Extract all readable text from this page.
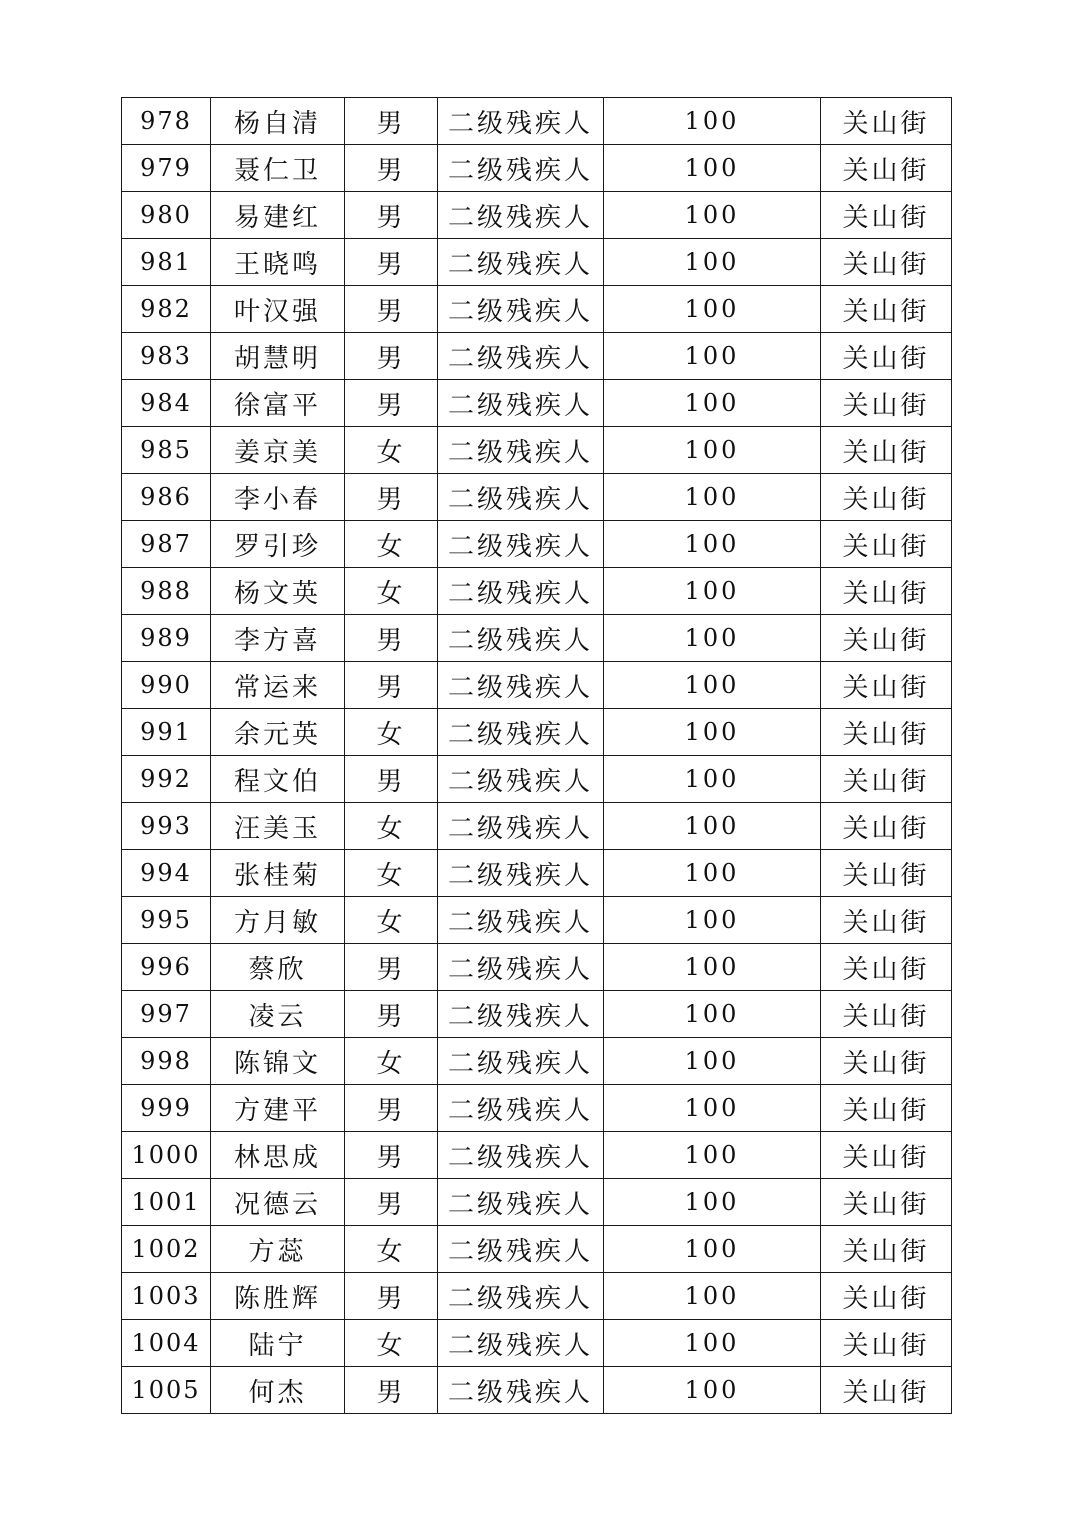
978	杨自清	男	二级残疾人	100	关山街
979	聂仁卫	男	二级残疾人	100	关山街
980	易建红	男	二级残疾人	100	关山街
981	王晓鸣	男	二级残疾人	100	关山街
982	叶汉强	男	二级残疾人	100	关山街
983	胡慧明	男	二级残疾人	100	关山街
984	徐富平	男	二级残疾人	100	关山街
985	姜京美	女	二级残疾人	100	关山街
986	李小春	男	二级残疾人	100	关山街
987	罗引珍	女	二级残疾人	100	关山街
988	杨文英	女	二级残疾人	100	关山街
989	李方喜	男	二级残疾人	100	关山街
990	常运来	男	二级残疾人	100	关山街
991	余元英	女	二级残疾人	100	关山街
992	程文伯	男	二级残疾人	100	关山街
993	汪美玉	女	二级残疾人	100	关山街
994	张桂菊	女	二级残疾人	100	关山街
995	方月敏	女	二级残疾人	100	关山街
996	蔡欣	男	二级残疾人	100	关山街
997	凌云	男	二级残疾人	100	关山街
998	陈锦文	女	二级残疾人	100	关山街
999	方建平	男	二级残疾人	100	关山街
1000	林思成	男	二级残疾人	100	关山街
1001	况德云	男	二级残疾人	100	关山街
1002	方蕊	女	二级残疾人	100	关山街
1003	陈胜辉	男	二级残疾人	100	关山街
1004	陆宁	女	二级残疾人	100	关山街
1005	何杰	男	二级残疾人	100	关山街
